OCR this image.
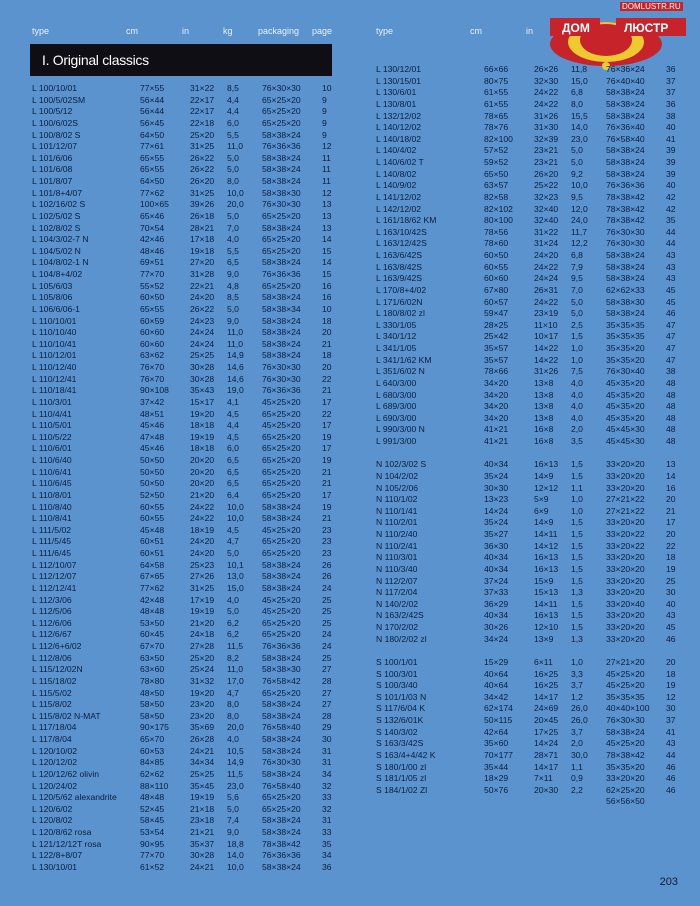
ДОМ	ЛЮСТР
DOMLUSTR.RU
type	cm	in	kg	packaging page	type	cm	in
I. Original classics
L 100/10/01	77×55	31×22 8,5	76×30×30 10
L 100/5/02SM	56×44	22×17 4,4	65×25×20 9
L 100/5/12	56×44	22×17 4,4	65×25×20 9
L 100/6/02S	56×45	22×18 6,0	65×25×20 9
L 100/8/02 S	64×50	25×20 5,5	58×38×24 9
L 101/12/07	77×61	31×25 11,0 76×36×36 12
L 101/6/06	65×55	26×22 5,0	58×38×24 11
L 101/6/08	65×55	26×22 5,0	58×38×24 11
L 101/8/07	64×50	26×20 8,0	58×38×24 11
L 101/8+4/07	77×62	31×25 10,0 58×38×30 12
L 102/16/02 S	100×65 39×26 20,0 76×30×30 13
L 102/5/02 S	65×46	26×18 5,0	65×25×20 13
L 102/8/02 S	70×54	28×21 7,0	58×38×24 13
L 104/3/02-7 N	42×46	17×18 4,0	65×25×20 14
L 104/5/02 N	48×46	19×18 5,5	65×25×20 15
L 104/8/02-1 N	69×51	27×20 6,5	58×38×24 14
L 104/8+4/02	77×70	31×28 9,0	76×36×36 15
L 105/6/03	55×52	22×21 4,8	65×25×20 16
L 105/8/06	60×50	24×20 8,5	58×38×24 16
L 106/6/06-1	65×55	26×22 5,0	58×38×34 10
L 110/10/01	60×59	24×23 9,0	58×38×24 18
L 110/10/40	60×60	24×24 11,0 58×38×24 20
L 110/10/41	60×60	24×24 11,0 58×38×24 21
L 110/12/01	63×62	25×25 14,9 58×38×24 18
L 110/12/40	76×70	30×28 14,6 76×30×30 20
L 110/12/41	76×70	30×28 14,6 76×30×30 22
L 110/18/41	90×108 35×43 19,0 76×36×36 21
L 110/3/01	37×42	15×17 4,1	45×25×20 17
L 110/4/41	48×51	19×20 4,5	65×25×20 22
L 110/5/01	45×46	18×18 4,4	45×25×20 17
L 110/5/22	47×48	19×19 4,5	65×25×20 19
L 110/6/01	45×46	18×18 6,0	65×25×20 17
L 110/6/40	50×50	20×20 6,5	65×25×20 19
L 110/6/41	50×50	20×20 6,5	65×25×20 21
L 110/6/45	50×50	20×20 6,5	65×25×20 21
L 110/8/01	52×50	21×20 6,4	65×25×20 17
L 110/8/40	60×55	24×22 10,0 58×38×24 19
L 110/8/41	60×55	24×22 10,0 58×38×24 21
L 111/5/02	45×48	18×19 4,5	45×25×20 23
L 111/5/45	60×51	24×20 4,7	65×25×20 23
L 111/6/45	60×51	24×20 5,0	65×25×20 23
L 112/10/07	64×58	25×23 10,1 58×38×24 26
L 112/12/07	67×65	27×26 13,0 58×38×24 26
L 112/12/41	77×62	31×25 15,0 58×38×24 24
L 112/3/06	42×48	17×19 4,0	45×25×20 25
L 112/5/06	48×48	19×19 5,0	45×25×20 25
L 112/6/06	53×50	21×20 6,2	65×25×20 25
L 112/6/67	60×45	24×18 6,2	65×25×20 24
L 112/6+6/02	67×70	27×28 11,5 76×36×36 24
L 112/8/06	63×50	25×20 8,2	58×38×24 25
L 115/12/02N	63×60	25×24 11,0 58×38×30 27
L 115/18/02	78×80	31×32 17,0 76×58×42 28
L 115/5/02	48×50	19×20 4,7	65×25×20 27
L 115/8/02	58×50	23×20 8,0	58×38×24 27
L 115/8/02 N-MAT	58×50	23×20 8,0	58×38×24 28
L 117/18/04	90×175 35×69 20,0 76×58×40 29
L 117/8/04	65×70	26×28 4,0	58×38×24 30
L 120/10/02	60×53	24×21 10,5 58×38×24 31
L 120/12/02	84×85	34×34 14,9 76×30×30 31
L 120/12/62 olivin	62×62	25×25 11,5 58×38×24 34
L 120/24/02	88×110	35×45 23,0 76×58×40 32
L 120/5/62 alexandrite	48×48	19×19 5,6	65×25×20 33
L 120/6/02	52×45	21×18 5,0	65×25×20 32
L 120/8/02	58×45	23×18 7,4	58×38×24 31
L 120/8/62 rosa	53×54	21×21 9,0	58×38×24 33
L 121/12/12T rosa	90×95	35×37 18,8 78×38×42 35
L 122/8+8/07	77×70	30×28 14,0 76×36×36 34
L 130/10/01	61×52	24×21 10,0 58×38×24 36
L 130/12/01	66×66	26×26 11,8 76×36×24 36
L 130/15/01	80×75	32×30 15,0 76×40×40 37
L 130/6/01	61×55	24×22 6,8	58×38×24 37
L 130/8/01	61×55	24×22 8,0	58×38×24 36
L 132/12/02	78×65	31×26 15,5 58×38×24 38
L 140/12/02	78×76	31×30 14,0 76×36×40 40
L 140/18/02	82×100 32×39 23,0 76×58×40 41
L 140/4/02	57×52	23×21 5,0	58×38×24 39
L 140/6/02 T	59×52	23×21 5,0	58×38×24 39
L 140/8/02	65×50	26×20 9,2	58×38×24 39
L 140/9/02	63×57	25×22 10,0 76×36×36 40
L 141/12/02	82×58	32×23 9,5	78×38×42 42
L 142/12/02	82×102 32×40 12,0 78×38×42 42
L 161/18/62 KM	80×100 32×40 24,0 78×38×42 35
L 163/10/42S	78×56	31×22 11,7 76×30×30 44
L 163/12/42S	78×60	31×24 12,2 76×30×30 44
L 163/6/42S	60×50	24×20 6,8	58×38×24 43
L 163/8/42S	60×55	24×22 7,9	58×38×24 43
L 163/9/42S	60×60	24×24 9,5	58×38×24 43
L 170/8+4/02	67×80	26×31 7,0	62×62×33 45
L 171/6/02N	60×57	24×22 5,0	58×38×30 45
L 180/8/02 zl	59×47	23×19 5,0	58×38×24 46
L 330/1/05	28×25	11×10 2,5	35×35×35 47
L 340/1/12	25×42	10×17 1,5	35×35×35 47
L 341/1/05	35×57	14×22 1,0	35×35×20 47
L 341/1/62 KM	35×57	14×22 1,0	35×35×20 47
L 351/6/02 N	78×66	31×26 7,5	76×30×40 38
L 640/3/00	34×20	13×8 4,0	45×35×20 48
L 680/3/00	34×20	13×8 4,0	45×35×20 48
L 689/3/00	34×20	13×8 4,0	45×35×20 48
L 690/3/00	34×20	13×8 4,0	45×35×20 48
L 990/3/00 N	41×21	16×8 2,0	45×45×30 48
L 991/3/00	41×21	16×8 3,5	45×45×30 48
N 102/3/02 S	40×34	16×13 1,5	33×20×20 13
N 104/2/02	35×24	14×9 1,5	33×20×20 14
N 105/2/06	30×30	12×12 1,1	33×20×20 16
N 110/1/02	13×23	5×9	1,0	27×21×22 20
N 110/1/41	14×24	6×9	1,0	27×21×22 21
N 110/2/01	35×24	14×9 1,5	33×20×20 17
N 110/2/40	35×27	14×11 1,5	33×20×22 20
N 110/2/41	36×30	14×12 1,5	33×20×22 22
N 110/3/01	40×34	16×13 1,5	33×20×20 18
N 110/3/40	40×34	16×13 1,5	33×20×20 19
N 112/2/07	37×24	15×9 1,5	33×20×20 25
N 117/2/04	37×33	15×13 1,3	33×20×20 30
N 140/2/02	36×29	14×11 1,5	33×20×40 40
N 163/2/42S	40×34	16×13 1,5	33×20×20 43
N 170/2/02	30×26	12×10 1,5	33×20×20 45
N 180/2/02 zl	34×24	13×9 1,3	33×20×20 46
S 100/1/01	15×29	6×11 1,0	27×21×20 20
S 100/3/01	40×64	16×25 3,3	45×25×20 18
S 100/3/40	40×64	16×25 3,7	45×25×20 19
S 101/1/03 N	34×42	14×17 1,2	35×35×35 12
S 117/6/04 K	62×174 24×69 26,0 40×40×100 30
S 132/6/01K	50×115	20×45 26,0 76×30×30 37
S 140/3/02	42×64	17×25 3,7	58×38×24 41
S 163/3/42S	35×60	14×24 2,0	45×25×20 43
S 163/4+4/42 K	70×177 28×71 30,0 78×38×42 44
S 180/1/00 zl	35×44	14×17 1,1	35×35×20 46
S 181/1/05 zl	18×29	7×11 0,9	33×20×20 46
S 184/1/02 Zl	50×76	20×30 2,2	62×25×20 46
56×56×50
203
